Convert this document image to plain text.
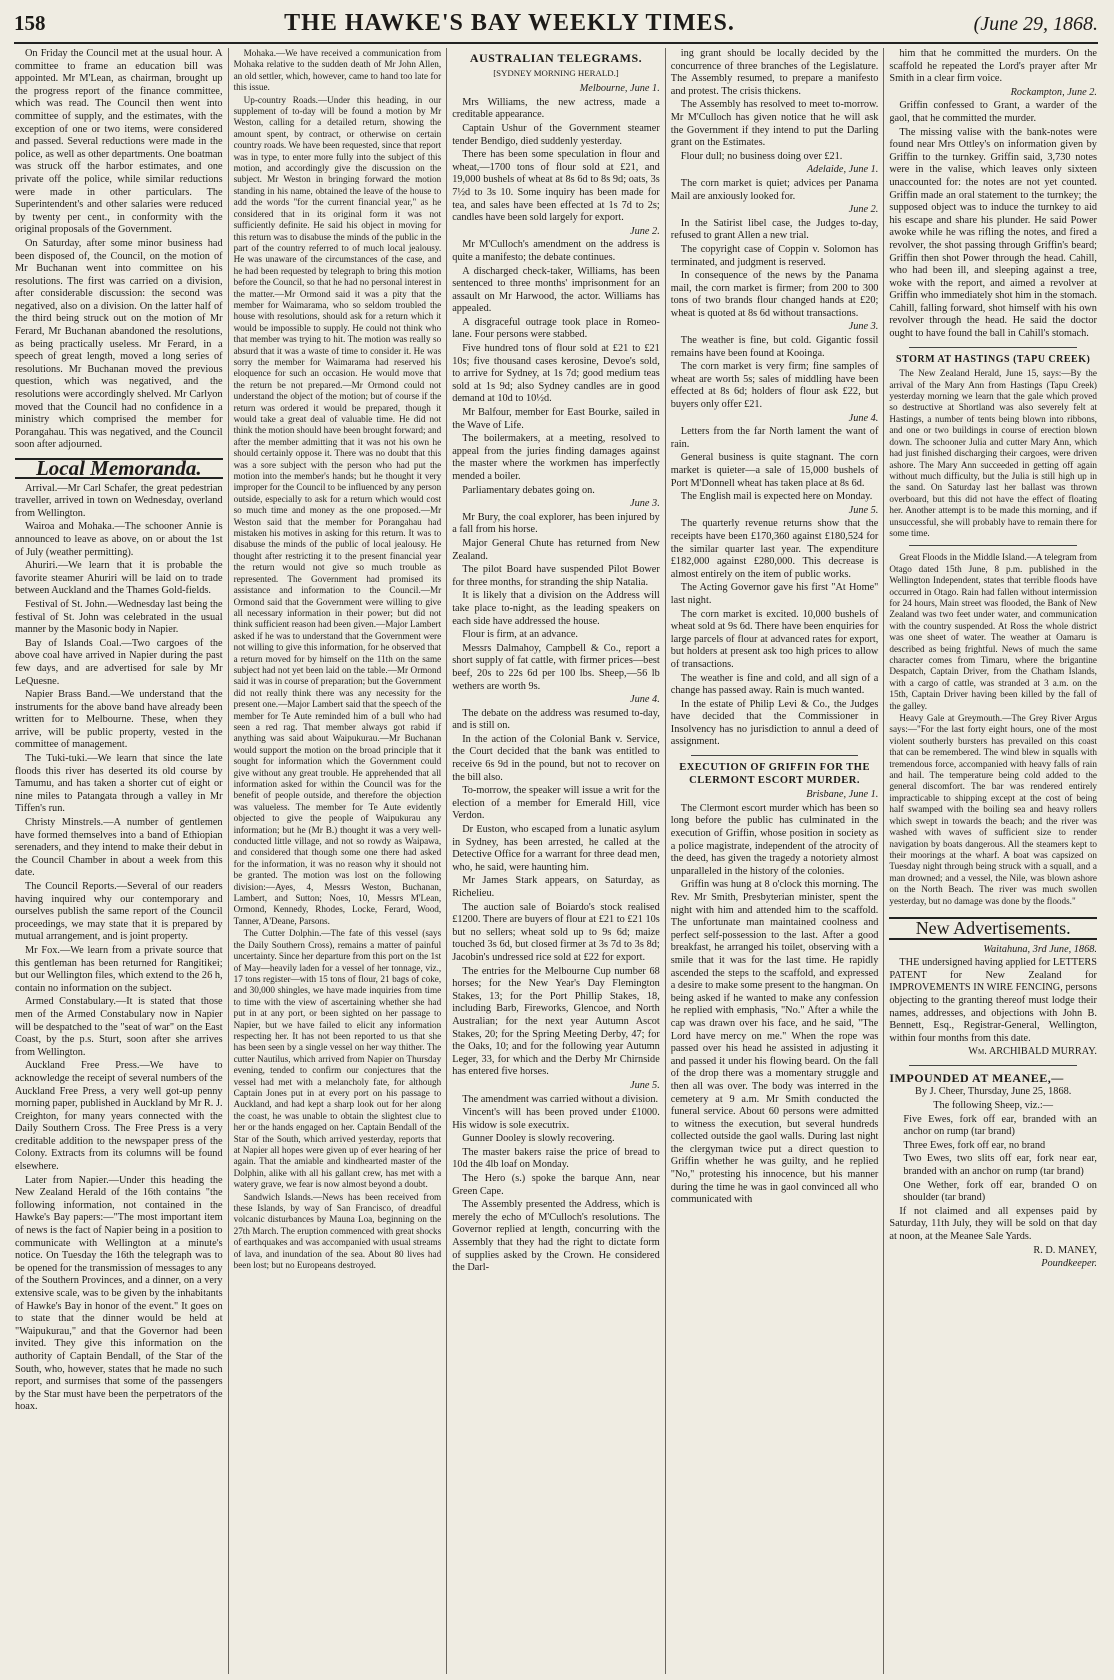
158	THE HAWKE'S BAY WEEKLY TIMES.	(June 29, 1868.

On Friday the Council met at the usual hour. A committee to frame an education bill was appointed. Mr M'Lean, as chairman, brought up the progress report of the finance committee, which was read. The Council then went into committee of supply, and the estimates, with the exception of one or two items, were considered and passed. Several reductions were made in the police, as well as other departments. One boatman was struck off the harbor estimates, and one private off the police, while similar reductions were made in other particulars. The Superintendent's and other salaries were reduced by twenty per cent., in conformity with the original proposals of the Government.

On Saturday, after some minor business had been disposed of, the Council, on the motion of Mr Buchanan went into committee on his resolutions. The first was carried on a division, after considerable discussion: the second was negatived, also on a division. On the latter half of the third being struck out on the motion of Mr Ferard, Mr Buchanan abandoned the resolutions, as being practically useless. Mr Ferard, in a speech of great length, moved a long series of resolutions. Mr Buchanan moved the previous question, which was negatived, and the resolutions were accordingly shelved. Mr Carlyon moved that the Council had no confidence in a ministry which comprised the member for Porangahau. This was negatived, and the Council soon after adjourned.

Local Memoranda.

Arrival.—Mr Carl Schafer, the great pedestrian traveller, arrived in town on Wednesday, overland from Wellington.

Wairoa and Mohaka.—The schooner Annie is announced to leave as above, on or about the 1st of July (weather permitting).

Ahuriri.—We learn that it is probable the favorite steamer Ahuriri will be laid on to trade between Auckland and the Thames Gold-fields.

Festival of St. John.—Wednesday last being the festival of St. John was celebrated in the usual manner by the Masonic body in Napier.

Bay of Islands Coal.—Two cargoes of the above coal have arrived in Napier during the past few days, and are advertised for sale by Mr LeQuesne.

Napier Brass Band.—We understand that the instruments for the above band have already been written for to Melbourne. These, when they arrive, will be public property, vested in the committee of management.

The Tuki-tuki.—We learn that since the late floods this river has deserted its old course by Tamumu, and has taken a shorter cut of eight or nine miles to Patangata through a valley in Mr Tiffen's run.

Christy Minstrels.—A number of gentlemen have formed themselves into a band of Ethiopian serenaders, and they intend to make their debut in the Council Chamber in about a week from this date.

The Council Reports.—Several of our readers having inquired why our contemporary and ourselves publish the same report of the Council proceedings, we may state that it is prepared by mutual arrangement, and is joint property.

Mr Fox.—We learn from a private source that this gentleman has been returned for Rangitikei; but our Wellington files, which extend to the 26 h, contain no information on the subject.

Armed Constabulary.—It is stated that those men of the Armed Constabulary now in Napier will be despatched to the "seat of war" on the East Coast, by the p.s. Sturt, soon after she arrives from Wellington.

Auckland Free Press.—We have to acknowledge the receipt of several numbers of the Auckland Free Press, a very well got-up penny morning paper, published in Auckland by Mr R. J. Creighton, for many years connected with the Daily Southern Cross. The Free Press is a very creditable addition to the newspaper press of the Colony. Extracts from its columns will be found elsewhere.

Later from Napier.—Under this heading the New Zealand Herald of the 16th contains "the following information, not contained in the Hawke's Bay papers:—"The most important item of news is the fact of Napier being in a position to communicate with Wellington at a minute's notice. On Tuesday the 16th the telegraph was to be opened for the transmission of messages to any of the Southern Provinces, and a dinner, on a very extensive scale, was to be given by the inhabitants of Hawke's Bay in honor of the event." It goes on to state that the dinner would be held at "Waipukurau," and that the Governor had been invited. They give this information on the authority of Captain Bendall, of the Star of the South, who, however, states that he made no such report, and surmises that some of the passengers by the Star must have been the perpetrators of the hoax.

Mohaka.—We have received a communication from Mohaka relative to the sudden death of Mr John Allen, an old settler, which, however, came to hand too late for this issue.

Up-country Roads.—Under this heading, in our supplement of to-day will be found a motion by Mr Weston, calling for a detailed return, showing the amount spent, by contract, or otherwise on certain country roads. We have been requested, since that report was in type, to enter more fully into the subject of this motion, and accordingly give the discussion on the subject. Mr Weston in bringing forward the motion standing in his name, obtained the leave of the house to add the words "for the current financial year," as he considered that in its original form it was not sufficiently definite. He said his object in moving for this return was to disabuse the minds of the public in the part of the country referred to of much local jealousy. He was unaware of the circumstances of the case, and he had been requested by telegraph to bring this motion before the Council, so that he had no personal interest in the matter.—Mr Ormond said it was a pity that the member for Waimarama, who so seldom troubled the house with resolutions, should ask for a return which it would be impossible to supply. He could not think who that member was trying to hit. The motion was really so absurd that it was a waste of time to consider it. He was sorry the member for Waimarama had reserved his eloquence for such an occasion. He would move that the return be not prepared.—Mr Ormond could not understand the object of the motion; but of course if the return was ordered it would be prepared, though it would take a great deal of valuable time. He did not think the motion should have been brought forward; and after the member admitting that it was not his own he should certainly oppose it. There was no doubt that this was a sore subject with the person who had put the motion into the member's hands; but he thought it very improper for the Council to be influenced by any person outside, especially to ask for a return which would cost so much time and money as the one proposed.—Mr Weston said that the member for Porangahau had mistaken his motives in asking for this return. It was to disabuse the minds of the public of local jealousy. He thought after restricting it to the present financial year the return would not give so much trouble as represented. The Government had promised its assistance and information to the Council.—Mr Ormond said that the Government were willing to give all necessary information in their power; but did not think sufficient reason had been given.—Major Lambert asked if he was to understand that the Government were not willing to give this information, for he observed that a return moved for by himself on the 11th on the same subject had not yet been laid on the table.—Mr Ormond said it was in course of preparation; but the Government did not really think there was any necessity for the present one.—Major Lambert said that the speech of the member for Te Aute reminded him of a bull who had seen a red rag. That member always got rabid if anything was said about Waipukurau.—Mr Buchanan would support the motion on the broad principle that it sought for information which the Government could give without any great trouble. He apprehended that all information asked for within the Council was for the benefit of people outside, and therefore the objection was valueless. The member for Te Aute evidently objected to give the people of Waipukurau any information; but he (Mr B.) thought it was a very well-conducted little village, and not so rowdy as Waipawa, and considered that though some one there had asked for the information, it was no reason why it should not be granted. The motion was lost on the following division:—Ayes, 4, Messrs Weston, Buchanan, Lambert, and Sutton; Noes, 10, Messrs M'Lean, Ormond, Kennedy, Rhodes, Locke, Ferard, Wood, Tanner, A'Deane, Parsons.

The Cutter Dolphin.—The fate of this vessel (says the Daily Southern Cross), remains a matter of painful uncertainty. Since her departure from this port on the 1st of May—heavily laden for a vessel of her tonnage, viz., 17 tons register—with 15 tons of flour, 21 bags of coke, and 30,000 shingles, we have made inquiries from time to time with the view of ascertaining whether she had put in at any port, or been sighted on her passage to Napier, but we have failed to elicit any information respecting her. It has not been reported to us that she has been seen by a single vessel on her way thither. The cutter Nautilus, which arrived from Napier on Thursday evening, tended to confirm our conjectures that the vessel had met with a melancholy fate, for although Captain Jones put in at every port on his passage to Auckland, and had kept a sharp look out for her along the coast, he was unable to obtain the slightest clue to her or the hands engaged on her. Captain Bendall of the Star of the South, which arrived yesterday, reports that at Napier all hopes were given up of ever hearing of her again. That the amiable and kindhearted master of the Dolphin, alike with all his gallant crew, has met with a watery grave, we fear is now almost beyond a doubt.

Sandwich Islands.—News has been received from these Islands, by way of San Francisco, of dreadful volcanic disturbances by Mauna Loa, beginning on the 27th March. The eruption commenced with great shocks of earthquakes and was accompanied with usual streams of lava, and inundation of the sea. About 80 lives had been lost; but no Europeans destroyed.

AUSTRALIAN TELEGRAMS.
[SYDNEY MORNING HERALD.]

Melbourne, June 1.

Mrs Williams, the new actress, made a creditable appearance.

Captain Ushur of the Government steamer tender Bendigo, died suddenly yesterday.

There has been some speculation in flour and wheat,—1700 tons of flour sold at £21, and 19,000 bushels of wheat at 8s 6d to 8s 9d; oats, 3s 7½d to 3s 10. Some inquiry has been made for tea, and sales have been effected at 1s 7d to 2s; candles have been sold largely for export.

June 2.

Mr M'Culloch's amendment on the address is quite a manifesto; the debate continues.

A discharged check-taker, Williams, has been sentenced to three months' imprisonment for an assault on Mr Harwood, the actor. Williams has appealed.

A disgraceful outrage took place in Romeo-lane. Four persons were stabbed.

Five hundred tons of flour sold at £21 to £21 10s; five thousand cases kerosine, Devoe's sold, to arrive for Sydney, at 1s 7d; good medium teas sold at 1s 9d; also Sydney candles are in good demand at 10d to 10½d.

Mr Balfour, member for East Bourke, sailed in the Wave of Life.

The boilermakers, at a meeting, resolved to appeal from the juries finding damages against the master where the workmen has imperfectly mended a boiler.

Parliamentary debates going on.

June 3.

Mr Bury, the coal explorer, has been injured by a fall from his horse.

Major General Chute has returned from New Zealand.

The pilot Board have suspended Pilot Bower for three months, for stranding the ship Natalia.

It is likely that a division on the Address will take place to-night, as the leading speakers on each side have addressed the house.

Flour is firm, at an advance.

Messrs Dalmahoy, Campbell & Co., report a short supply of fat cattle, with firmer prices—best beef, 20s to 22s 6d per 100 lbs. Sheep,—56 lb wethers are worth 9s.

June 4.

The debate on the address was resumed to-day, and is still on.

In the action of the Colonial Bank v. Service, the Court decided that the bank was entitled to receive 6s 9d in the pound, but not to recover on the bill also.

To-morrow, the speaker will issue a writ for the election of a member for Emerald Hill, vice Verdon.

Dr Euston, who escaped from a lunatic asylum in Sydney, has been arrested, he called at the Detective Office for a warrant for three dead men, who, he said, were haunting him.

Mr James Stark appears, on Saturday, as Richelieu.

The auction sale of Boiardo's stock realised £1200. There are buyers of flour at £21 to £21 10s but no sellers; wheat sold up to 9s 6d; maize touched 3s 6d, but closed firmer at 3s 7d to 3s 8d; Jacobin's undressed rice sold at £22 for export.

The entries for the Melbourne Cup number 68 horses; for the New Year's Day Flemington Stakes, 13; for the Port Phillip Stakes, 18, including Barb, Fireworks, Glencoe, and North Australian; for the next year Autumn Ascot Stakes, 20; for the Spring Meeting Derby, 47; for the Oaks, 10; and for the following year Autumn Leger, 33, for which and the Derby Mr Chirnside has entered five horses.

June 5.

The amendment was carried without a division.

Vincent's will has been proved under £1000. His widow is sole executrix.

Gunner Dooley is slowly recovering.

The master bakers raise the price of bread to 10d the 4lb loaf on Monday.

The Hero (s.) spoke the barque Ann, near Green Cape.

The Assembly presented the Address, which is merely the echo of M'Culloch's resolutions. The Governor replied at length, concurring with the Assembly that they had the right to dictate form of supplies asked by the Crown. He considered the Darl-

ing grant should be locally decided by the concurrence of three branches of the Legislature. The Assembly resumed, to prepare a manifesto and protest. The crisis thickens.

The Assembly has resolved to meet to-morrow. Mr M'Culloch has given notice that he will ask the Government if they intend to put the Darling grant on the Estimates.

Flour dull; no business doing over £21.

Adelaide, June 1.

The corn market is quiet; advices per Panama Mail are anxiously looked for.

June 2.

In the Satirist libel case, the Judges to-day, refused to grant Allen a new trial.

The copyright case of Coppin v. Solomon has terminated, and judgment is reserved.

In consequence of the news by the Panama mail, the corn market is firmer; from 200 to 300 tons of two brands flour changed hands at £20; wheat is quoted at 8s 6d without transactions.

June 3.

The weather is fine, but cold. Gigantic fossil remains have been found at Kooinga.

The corn market is very firm; fine samples of wheat are worth 5s; sales of middling have been effected at 8s 6d; holders of flour ask £22, but buyers only offer £21.

June 4.

Letters from the far North lament the want of rain.

General business is quite stagnant. The corn market is quieter—a sale of 15,000 bushels of Port M'Donnell wheat has taken place at 8s 6d.

The English mail is expected here on Monday.

June 5.

The quarterly revenue returns show that the receipts have been £170,360 against £180,524 for the similar quarter last year. The expenditure £182,000 against £280,000. This decrease is almost entirely on the item of public works.

The Acting Governor gave his first "At Home" last night.

The corn market is excited. 10,000 bushels of wheat sold at 9s 6d. There have been enquiries for large parcels of flour at advanced rates for export, but holders at present ask too high prices to allow of transactions.

The weather is fine and cold, and all sign of a change has passed away. Rain is much wanted.

In the estate of Philip Levi & Co., the Judges have decided that the Commissioner in Insolvency has no jurisdiction to annul a deed of assignment.

EXECUTION OF GRIFFIN FOR THE CLERMONT ESCORT MURDER.

Brisbane, June 1.

The Clermont escort murder which has been so long before the public has culminated in the execution of Griffin, whose position in society as a police magistrate, independent of the atrocity of the deed, has given the tragedy a notoriety almost unparalleled in the history of the colonies.

Griffin was hung at 8 o'clock this morning. The Rev. Mr Smith, Presbyterian minister, spent the night with him and attended him to the scaffold. The unfortunate man maintained coolness and perfect self-possession to the last. After a good breakfast, he arranged his toilet, observing with a smile that it was for the last time. He rapidly ascended the steps to the scaffold, and expressed a desire to make some present to the hangman. On being asked if he wanted to make any confession he replied with emphasis, "No." After a while the cap was drawn over his face, and he said, "The Lord have mercy on me." When the rope was passed over his head he assisted in adjusting it and passed it under his flowing beard. On the fall of the drop there was a momentary struggle and then all was over. The body was interred in the cemetery at 9 a.m. Mr Smith conducted the funeral service. About 60 persons were admitted to witness the execution, but several hundreds collected outside the gaol walls. During last night the clergyman twice put a direct question to Griffin whether he was guilty, and he replied "No," protesting his innocence, but his manner during the time he was in gaol convinced all who communicated with

him that he committed the murders. On the scaffold he repeated the Lord's prayer after Mr Smith in a clear firm voice.

Rockampton, June 2.

Griffin confessed to Grant, a warder of the gaol, that he committed the murder.

The missing valise with the bank-notes were found near Mrs Ottley's on information given by Griffin to the turnkey. Griffin said, 3,730 notes were in the valise, which leaves only sixteen unaccounted for: the notes are not yet counted. Griffin made an oral statement to the turnkey; the supposed object was to induce the turnkey to aid his escape and share his plunder. He said Power awoke while he was rifling the notes, and fired a revolver, the shot passing through Griffin's beard; Griffin then shot Power through the head. Cahill, who had been ill, and sleeping against a tree, woke with the report, and aimed a revolver at Griffin who immediately shot him in the stomach. Cahill, falling forward, shot himself with his own revolver through the head. He said the doctor ought to have found the ball in Cahill's stomach.

STORM AT HASTINGS (TAPU CREEK)

The New Zealand Herald, June 15, says:—By the arrival of the Mary Ann from Hastings (Tapu Creek) yesterday morning we learn that the gale which proved so destructive at Shortland was also severely felt at Hastings, a number of tents being blown into ribbons, and one or two buildings in course of erection blown down. The schooner Julia and cutter Mary Ann, which had just finished discharging their cargoes, were driven ashore. The Mary Ann succeeded in getting off again without much difficulty, but the Julia is still high up in the sand. On Saturday last her ballast was thrown overboard, but this did not have the effect of floating her. Another attempt is to be made this morning, and if unsuccessful, she will probably have to remain there for some time.

Great Floods in the Middle Island.—A telegram from Otago dated 15th June, 8 p.m. published in the Wellington Independent, states that terrible floods have occurred in Otago. Rain had fallen without intermission for 24 hours, Main street was flooded, the Bank of New Zealand was two feet under water, and communication with the country suspended. At Ross the whole district was one sheet of water. The weather at Oamaru is described as being frightful. News of much the same character comes from Timaru, where the brigantine Despatch, Captain Driver, from the Chatham Islands, with a cargo of cattle, was stranded at 3 a.m. on the 15th, Captain Driver having been killed by the fall of the galley.

Heavy Gale at Greymouth.—The Grey River Argus says:—"For the last forty eight hours, one of the most violent southerly bursters has prevailed on this coast that can be remembered. The wind blew in squalls with tremendous force, accompanied with heavy falls of rain and hail. The temperature being cold added to the general discomfort. The bar was rendered entirely impracticable to shipping except at the cost of being half swamped with the boiling sea and heavy rollers which swept in towards the beach; and the river was washed with waves of sufficient size to render navigation by boats dangerous. All the steamers kept to their moorings at the wharf. A boat was capsized on Tuesday night through being struck with a squall, and a man drowned; and a vessel, the Nile, was blown ashore on the North Beach. The river was much swollen yesterday, but no damage was done by the floods."

New Advertisements.

Waitahuna, 3rd June, 1868.

THE undersigned having applied for LETTERS PATENT for New Zealand for IMPROVEMENTS IN WIRE FENCING, persons objecting to the granting thereof must lodge their names, addresses, and objections with John B. Bennett, Esq., Registrar-General, Wellington, within four months from this date.

Wm. ARCHIBALD MURRAY.

IMPOUNDED AT MEANEE,—

By J. Cheer, Thursday, June 25, 1868.

The following Sheep, viz.:—

Five Ewes, fork off ear, branded with an anchor on rump (tar brand)

Three Ewes, fork off ear, no brand

Two Ewes, two slits off ear, fork near ear, branded with an anchor on rump (tar brand)

One Wether, fork off ear, branded O on shoulder (tar brand)

If not claimed and all expenses paid by Saturday, 11th July, they will be sold on that day at noon, at the Meanee Sale Yards.

R. D. MANEY,

Poundkeeper.
